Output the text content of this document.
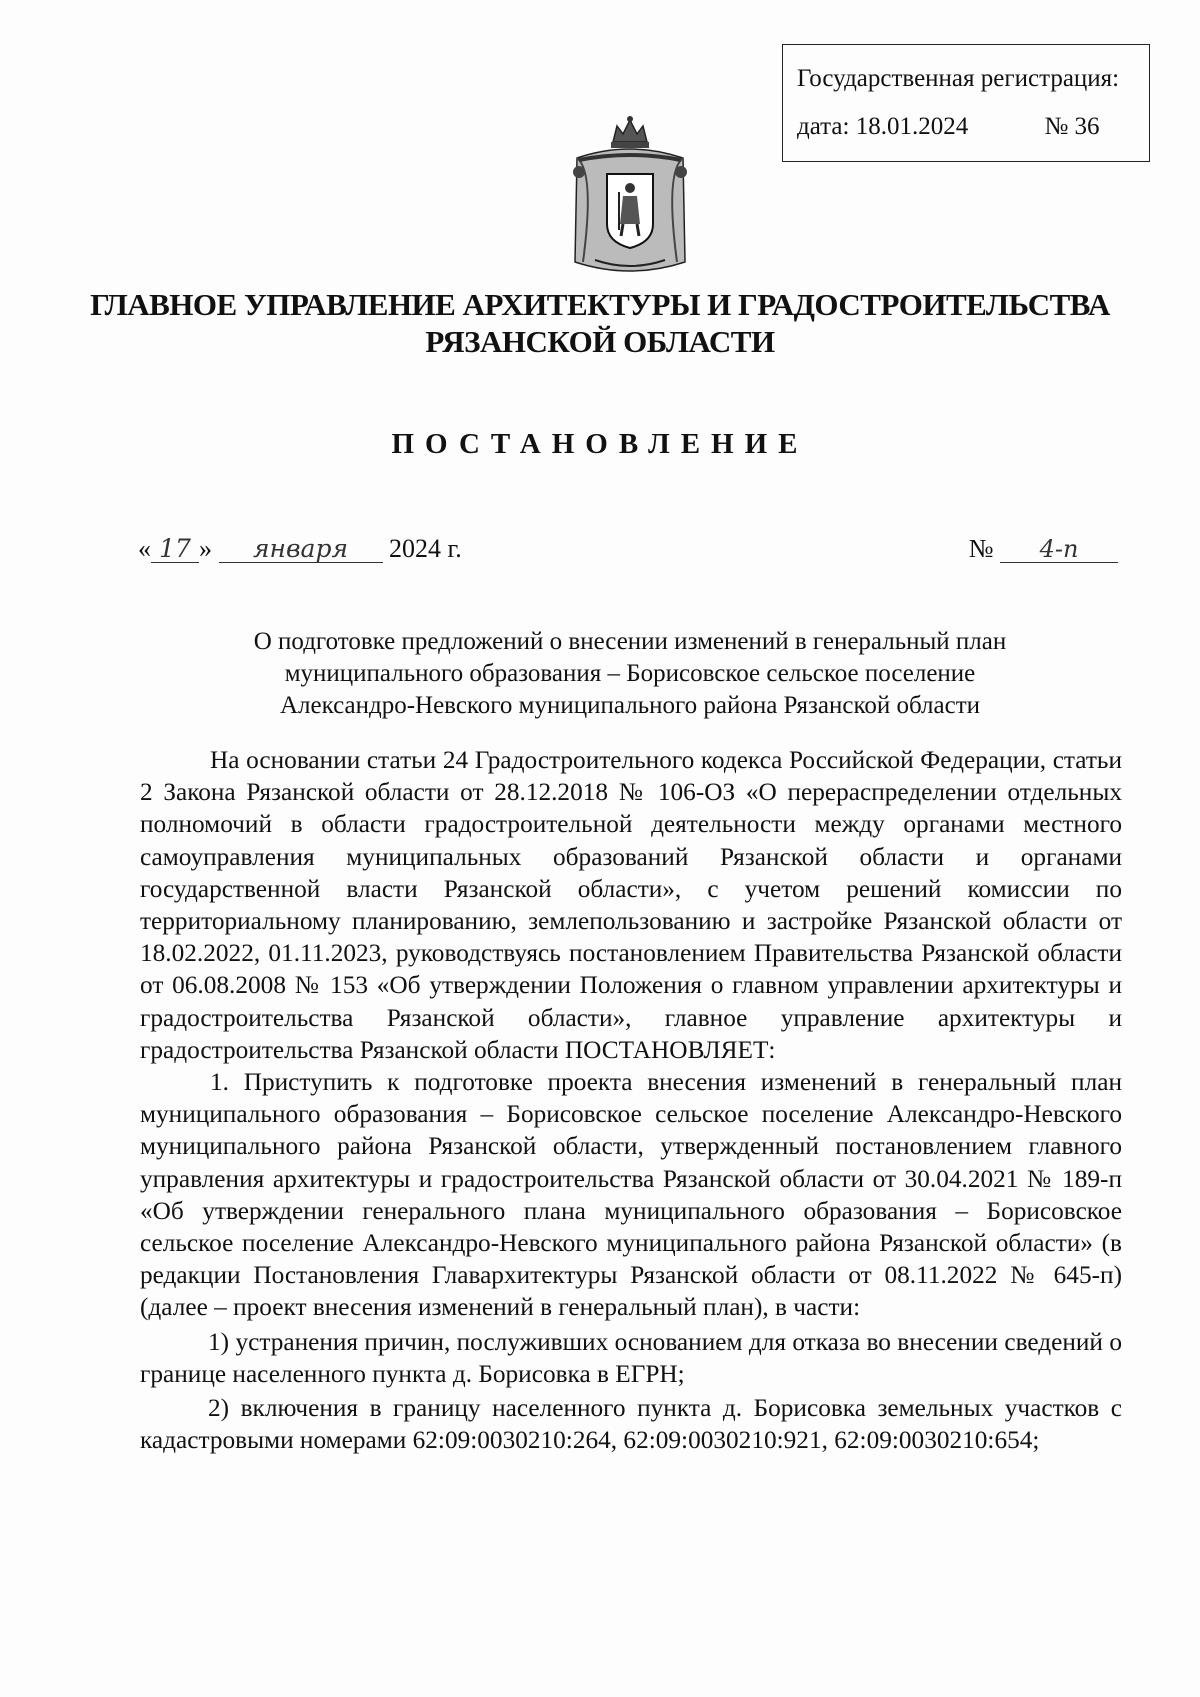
Государственная регистрация:
дата: 18.01.2024	№ 36
ГЛАВНОЕ УПРАВЛЕНИЕ АРХИТЕКТУРЫ И ГРАДОСТРОИТЕЛЬСТВА
РЯЗАНСКОЙ ОБЛАСТИ
ПОСТАНОВЛЕНИЕ
« 17 » января 2024 г.	№ 4-п
О подготовке предложений о внесении изменений в генеральный план
муниципального образования – Борисовское сельское поселение
Александро-Невского муниципального района Рязанской области

На основании статьи 24 Градостроительного кодекса Российской Федерации, статьи 2 Закона Рязанской области от 28.12.2018 № 106-ОЗ «О перераспределении отдельных полномочий в области градостроительной деятельности между органами местного самоуправления муниципальных образований Рязанской области и органами государственной власти Рязанской области», с учетом решений комиссии по территориальному планированию, землепользованию и застройке Рязанской области от 18.02.2022, 01.11.2023, руководствуясь постановлением Правительства Рязанской области от 06.08.2008 № 153 «Об утверждении Положения о главном управлении архитектуры и градостроительства Рязанской области», главное управление архитектуры и градостроительства Рязанской области ПОСТАНОВЛЯЕТ:

1. Приступить к подготовке проекта внесения изменений в генеральный план муниципального образования – Борисовское сельское поселение Александро-Невского муниципального района Рязанской области, утвержденный постановлением главного управления архитектуры и градостроительства Рязанской области от 30.04.2021 № 189-п «Об утверждении генерального плана муниципального образования – Борисовское сельское поселение Александро-Невского муниципального района Рязанской области» (в редакции Постановления Главархитектуры Рязанской области от 08.11.2022 № 645-п) (далее – проект внесения изменений в генеральный план), в части:

1) устранения причин, послуживших основанием для отказа во внесении сведений о границе населенного пункта д. Борисовка в ЕГРН;

2) включения в границу населенного пункта д. Борисовка земельных участков с кадастровыми номерами 62:09:0030210:264, 62:09:0030210:921, 62:09:0030210:654;
